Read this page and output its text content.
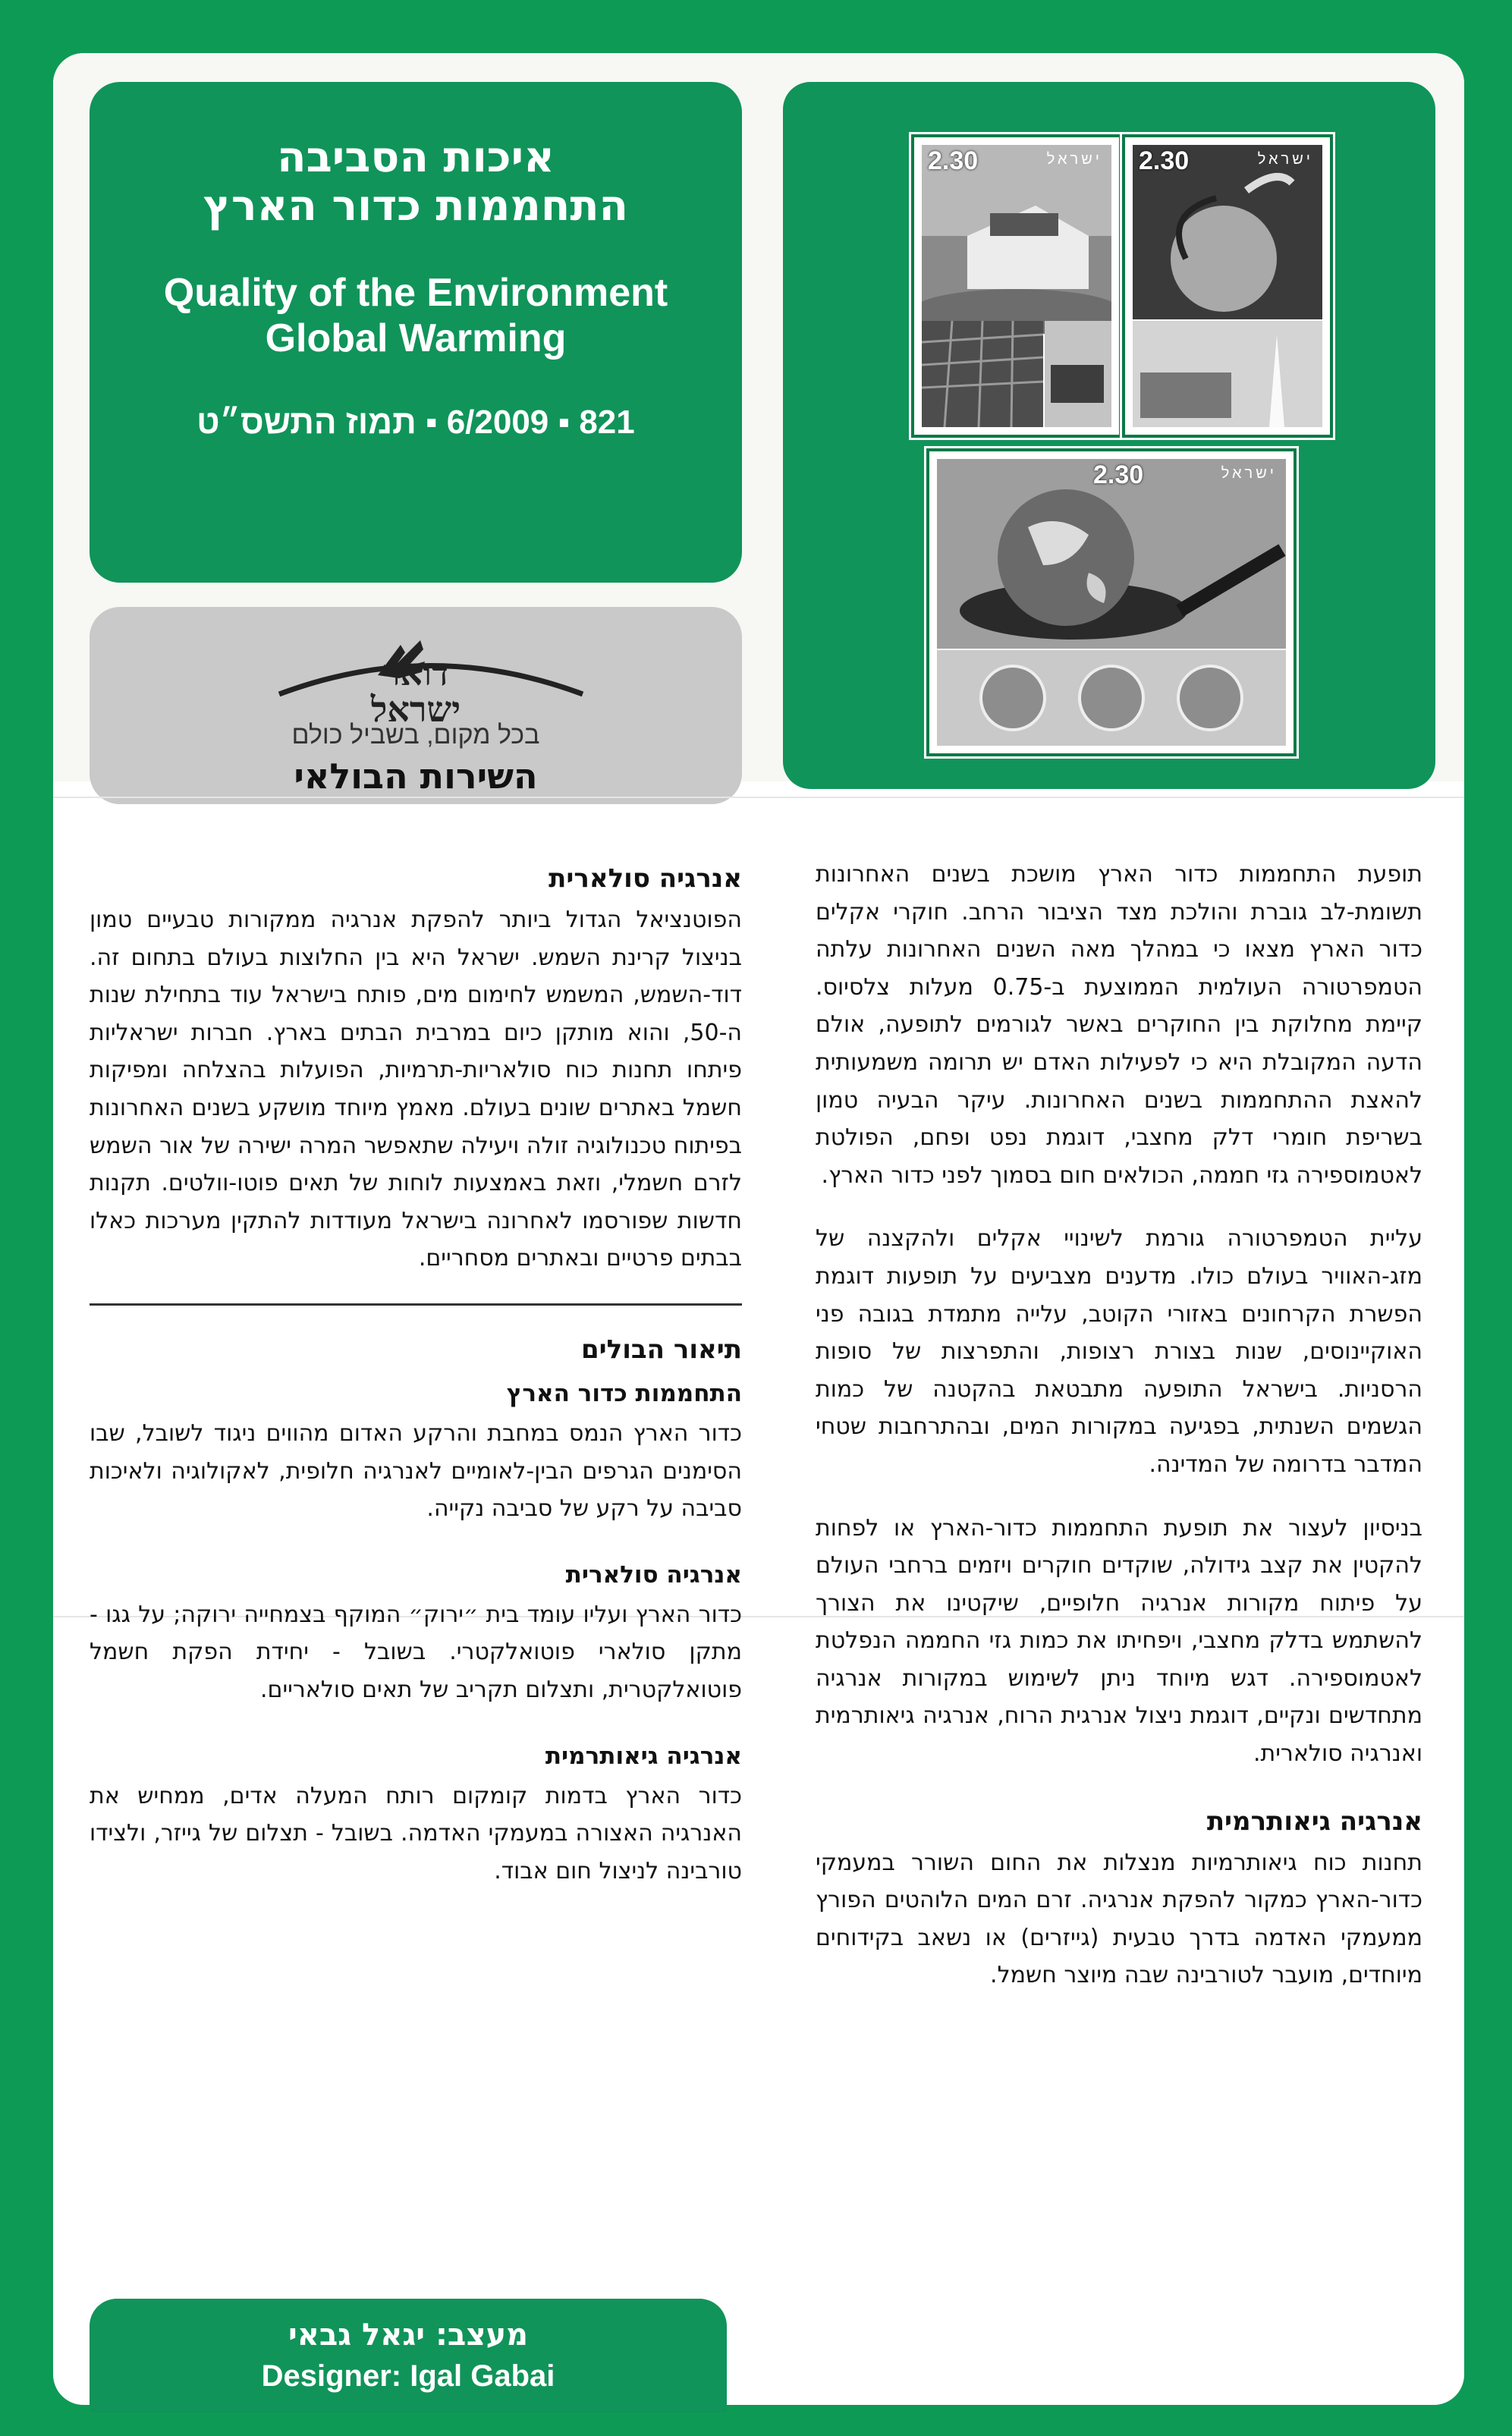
איכות הסביבה
התחממות כדור הארץ
Quality of the Environment
Global Warming
821 ▪ 6/2009 ▪ תמוז התשס״ט
דואר
ישראל
בכל מקום, בשביל כולם
השירות הבולאי
2.30	ישראל 2.30	ישראל
2.30	ישראל
אנרגיה סולארית

הפוטנציאל הגדול ביותר להפקת אנרגיה ממקורות טבעיים טמון בניצול קרינת השמש. ישראל היא בין החלוצות בעולם בתחום זה. דוד-השמש, המשמש לחימום מים, פותח בישראל עוד בתחילת שנות ה-50, והוא מותקן כיום במרבית הבתים בארץ. חברות ישראליות פיתחו תחנות כוח סולאריות-תרמיות, הפועלות בהצלחה ומפיקות חשמל באתרים שונים בעולם. מאמץ מיוחד מושקע בשנים האחרונות בפיתוח טכנולוגיה זולה ויעילה שתאפשר המרה ישירה של אור השמש לזרם חשמלי, וזאת באמצעות לוחות של תאים פוטו-וולטים. תקנות חדשות שפורסמו לאחרונה בישראל מעודדות להתקין מערכות כאלו בבתים פרטיים ובאתרים מסחריים.

תיאור הבולים
התחממות כדור הארץ

כדור הארץ הנמס במחבת והרקע האדום מהווים ניגוד לשובל, שבו הסימנים הגרפים הבין-לאומיים לאנרגיה חלופית, לאקולוגיה ולאיכות סביבה על רקע של סביבה נקייה.

אנרגיה סולארית

כדור הארץ ועליו עומד בית ״ירוק״ המוקף בצמחייה ירוקה; על גגו - מתקן סולארי פוטואלקטרי. בשובל - יחידת הפקת חשמל פוטואלקטרית, ותצלום תקריב של תאים סולאריים.

אנרגיה גיאותרמית

כדור הארץ בדמות קומקום רותח המעלה אדים, ממחיש את האנרגיה האצורה במעמקי האדמה. בשובל - תצלום של גייזר, ולצידו טורבינה לניצול חום אבוד.

תופעת התחממות כדור הארץ מושכת בשנים האחרונות תשומת-לב גוברת והולכת מצד הציבור הרחב. חוקרי אקלים כדור הארץ מצאו כי במהלך מאה השנים האחרונות עלתה הטמפרטורה העולמית הממוצעת ב-0.75 מעלות צלסיוס. קיימת מחלוקת בין החוקרים באשר לגורמים לתופעה, אולם הדעה המקובלת היא כי לפעילות האדם יש תרומה משמעותית להאצת ההתחממות בשנים האחרונות. עיקר הבעיה טמון בשריפת חומרי דלק מחצבי, דוגמת נפט ופחם, הפולטת לאטמוספירה גזי חממה, הכולאים חום בסמוך לפני כדור הארץ.

עליית הטמפרטורה גורמת לשינויי אקלים ולהקצנה של מזג-האוויר בעולם כולו. מדענים מצביעים על תופעות דוגמת הפשרת הקרחונים באזורי הקוטב, עלייה מתמדת בגובה פני האוקיינוסים, שנות בצורת רצופות, והתפרצות של סופות הרסניות. בישראל התופעה מתבטאת בהקטנה של כמות הגשמים השנתית, בפגיעה במקורות המים, ובהתרחבות שטחי המדבר בדרומה של המדינה.

בניסיון לעצור את תופעת התחממות כדור-הארץ או לפחות להקטין את קצב גידולה, שוקדים חוקרים ויזמים ברחבי העולם על פיתוח מקורות אנרגיה חלופיים, שיקטינו את הצורך להשתמש בדלק מחצבי, ויפחיתו את כמות גזי החממה הנפלטת לאטמוספירה. דגש מיוחד ניתן לשימוש במקורות אנרגיה מתחדשים ונקיים, דוגמת ניצול אנרגית הרוח, אנרגיה גיאותרמית ואנרגיה סולארית.

אנרגיה גיאותרמית

תחנות כוח גיאותרמיות מנצלות את החום השורר במעמקי כדור-הארץ כמקור להפקת אנרגיה. זרם המים הלוהטים הפורץ ממעמקי האדמה בדרך טבעית (גייזרים) או נשאב בקידוחים מיוחדים, מועבר לטורבינה שבה מיוצר חשמל.

מעצב: יגאל גבאי
Designer: Igal Gabai
